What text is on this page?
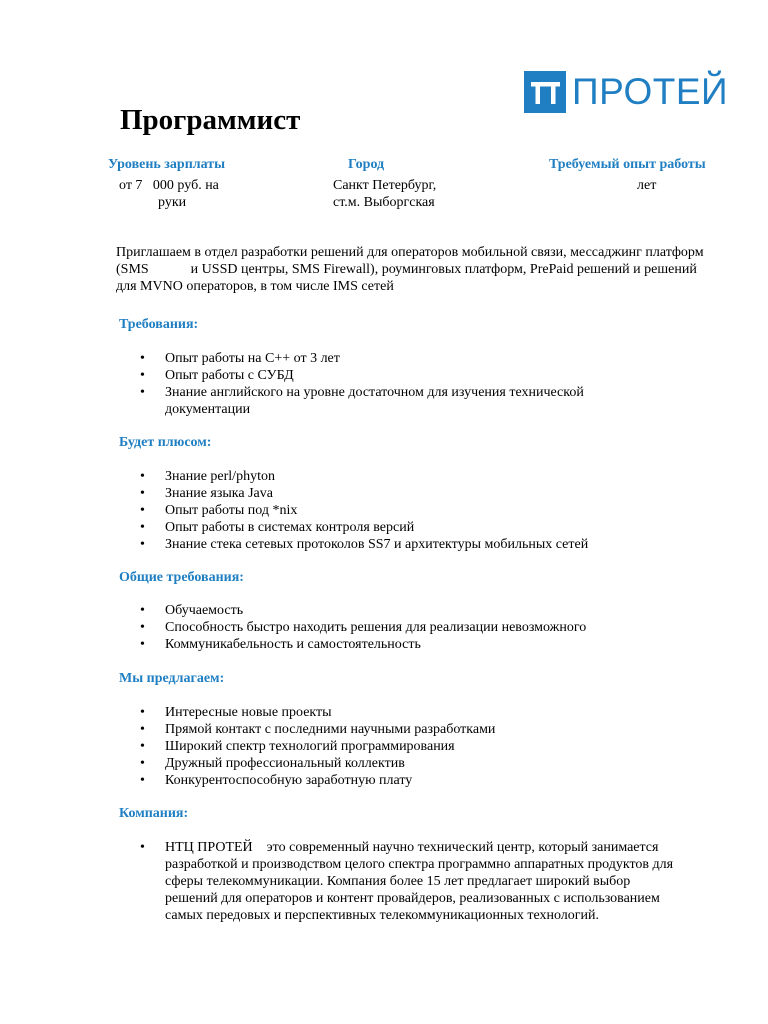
ПРОТЕЙ
Программист
Уровень зарплаты	Город	Требуемый опыт работы
от 7   000 руб. на
руки
Санкт Петербург,
ст.м. Выборгская
лет
Приглашаем в отдел разработки решений для операторов мобильной связи, мессаджинг платформ (SMS            и USSD центры, SMS Firewall), роуминговых платформ, PrePaid решений и решений для MVNO операторов, в том числе IMS сетей
Требования:
• Опыт работы на С++ от 3 лет
• Опыт работы с СУБД
• Знание английского на уровне достаточном для изучения технической документации
Будет плюсом:
• Знание perl/phyton
• Знание языка Java
• Опыт работы под *nix
• Опыт работы в системах контроля версий
• Знание стека сетевых протоколов SS7 и архитектуры мобильных сетей
Общие требования:
• Обучаемость
• Способность быстро находить решения для реализации невозможного
• Коммуникабельность и самостоятельность
Мы предлагаем:
• Интересные новые проекты
• Прямой контакт с последними научными разработками
• Широкий спектр технологий программирования
• Дружный профессиональный коллектив
• Конкурентоспособную заработную плату
Компания:
• НТЦ ПРОТЕЙ    это современный научно технический центр, который занимается разработкой и производством целого спектра программно аппаратных продуктов для сферы телекоммуникации. Компания более 15 лет предлагает широкий выбор решений для операторов и контент провайдеров, реализованных с использованием самых передовых и перспективных телекоммуникационных технологий.
